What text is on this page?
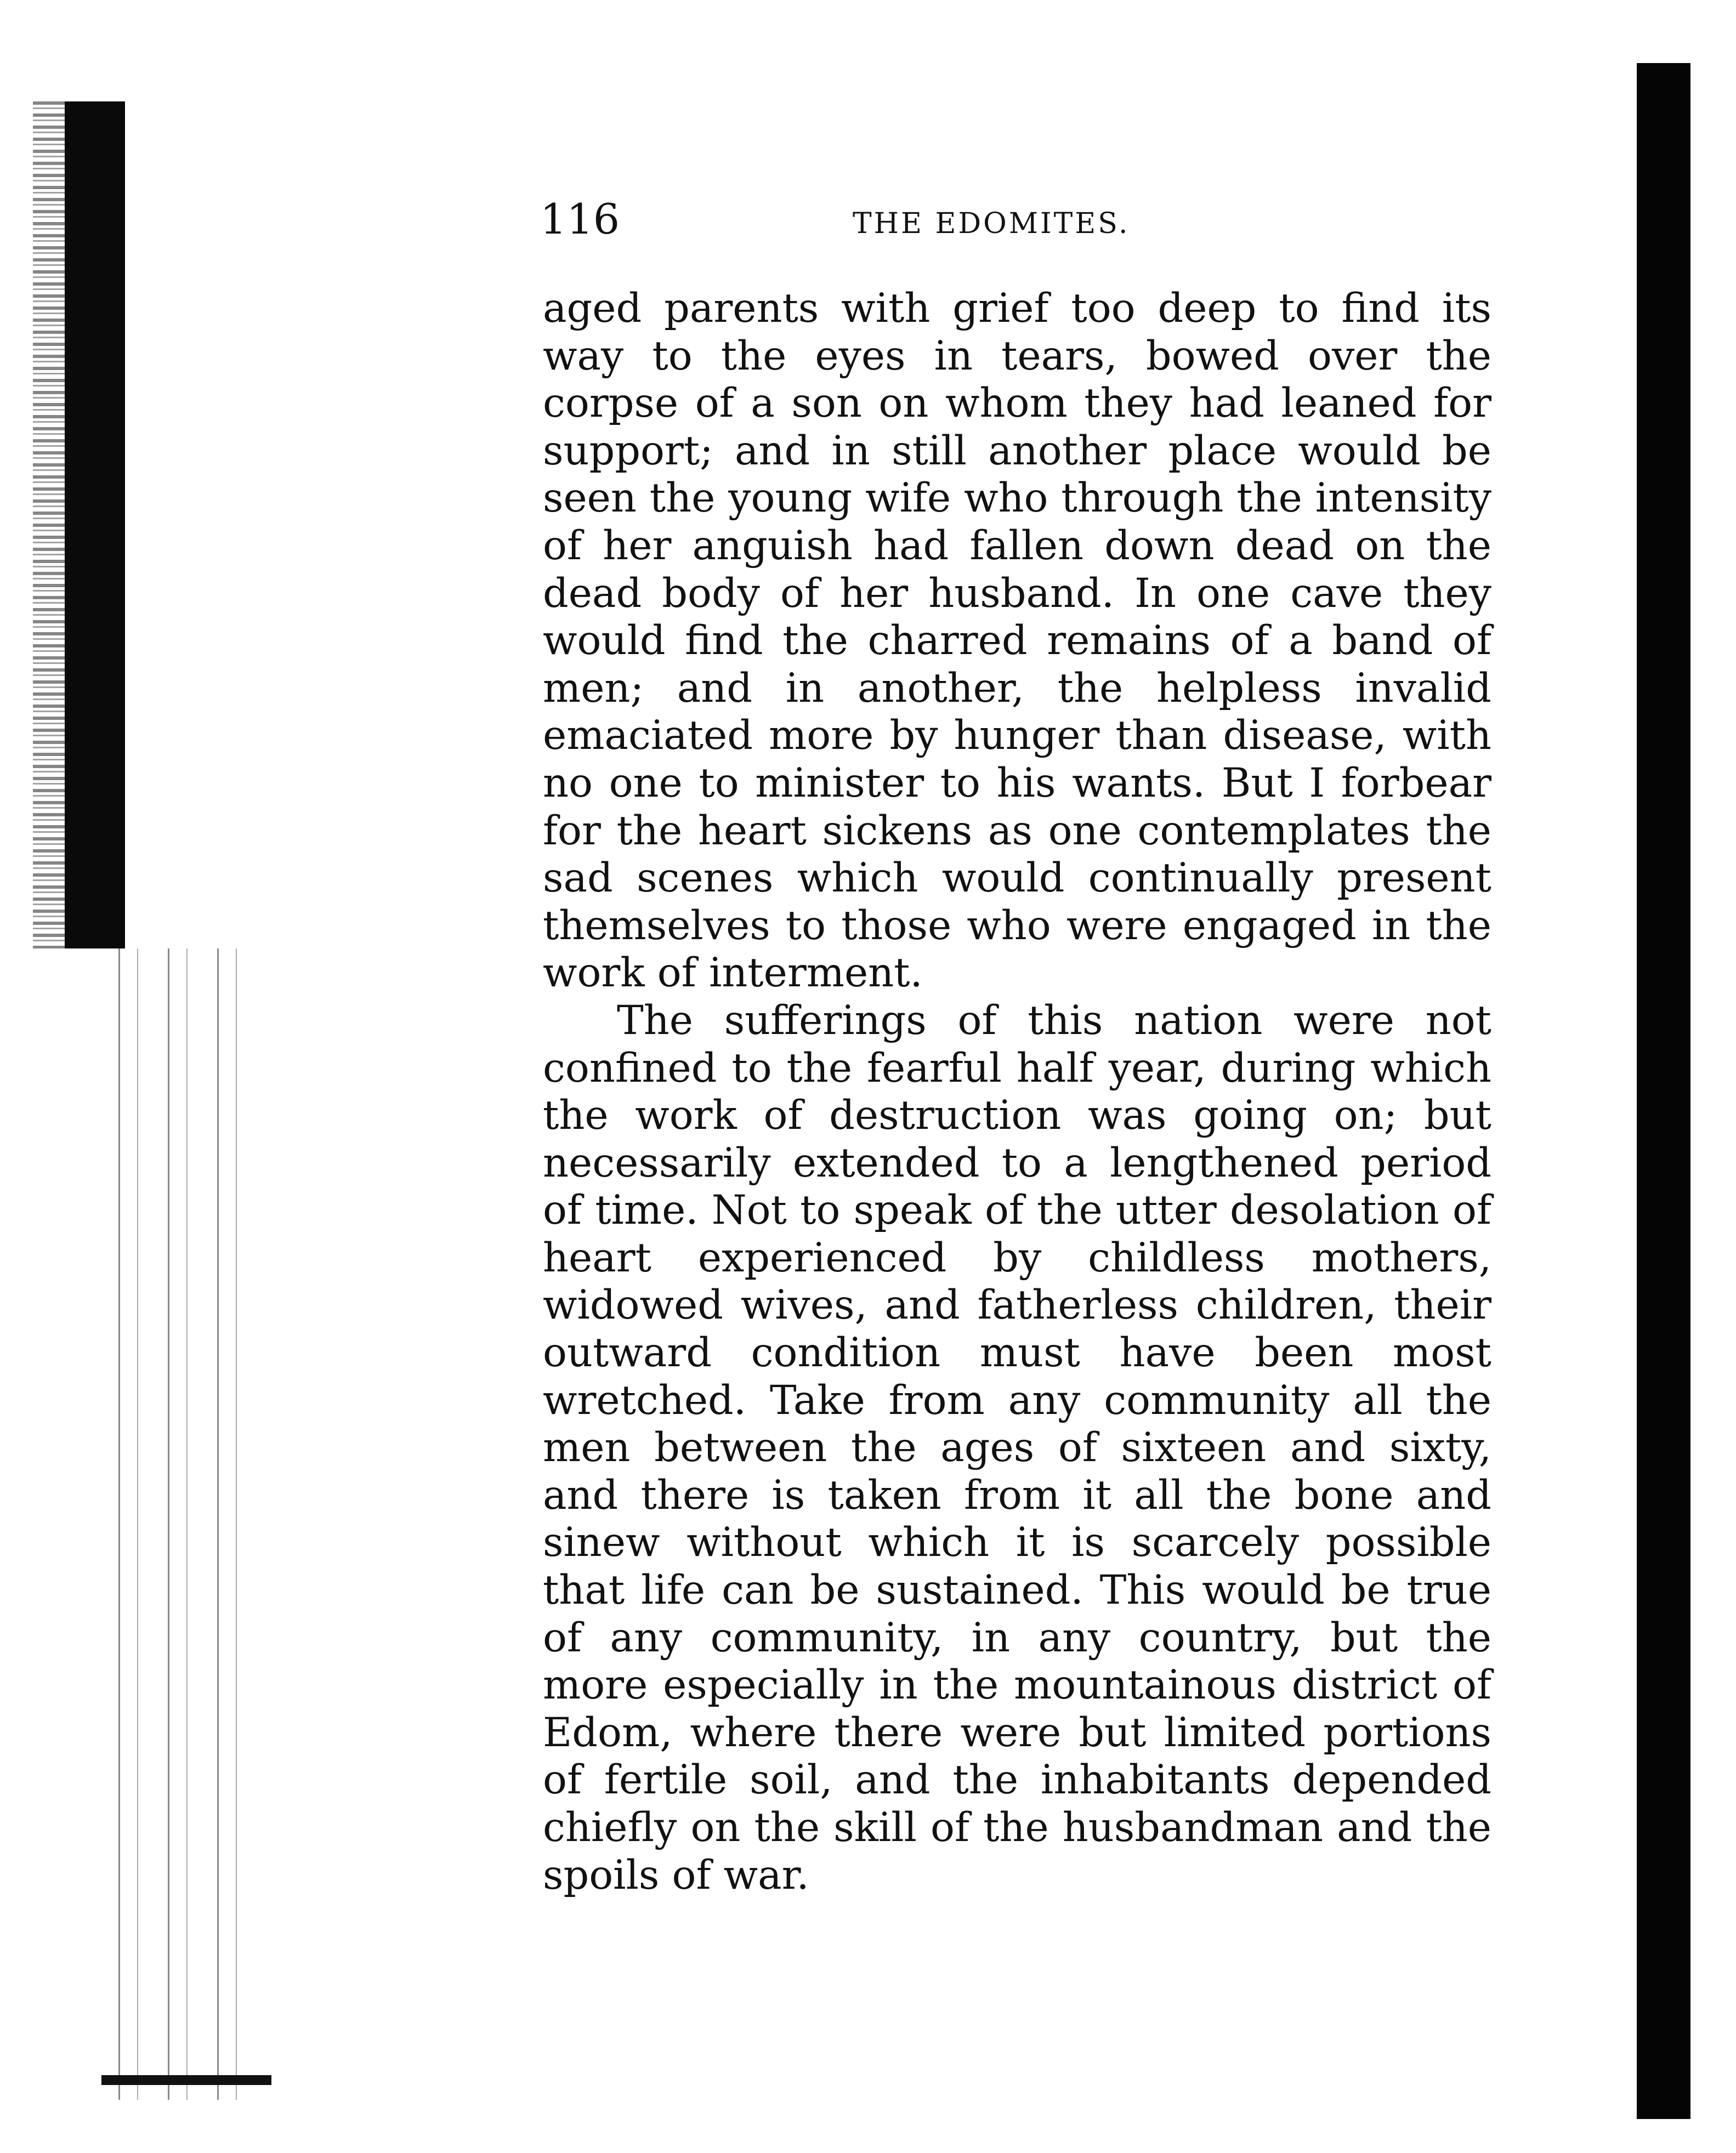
116	THE EDOMITES.

aged parents with grief too deep to find its way to the eyes in tears, bowed over the corpse of a son on whom they had leaned for support; and in still another place would be seen the young wife who through the intensity of her anguish had fallen down dead on the dead body of her husband. In one cave they would find the charred remains of a band of men; and in another, the helpless invalid emaciated more by hunger than disease, with no one to minister to his wants. But I forbear for the heart sickens as one contemplates the sad scenes which would continually present themselves to those who were engaged in the work of interment.

The sufferings of this nation were not confined to the fearful half year, during which the work of destruction was going on; but necessarily extended to a lengthened period of time. Not to speak of the utter desolation of heart experienced by childless mothers, widowed wives, and fatherless children, their outward condition must have been most wretched. Take from any community all the men between the ages of sixteen and sixty, and there is taken from it all the bone and sinew without which it is scarcely possible that life can be sustained. This would be true of any community, in any country, but the more especially in the mountainous district of Edom, where there were but limited portions of fertile soil, and the inhabitants depended chiefly on the skill of the husbandman and the spoils of war.
